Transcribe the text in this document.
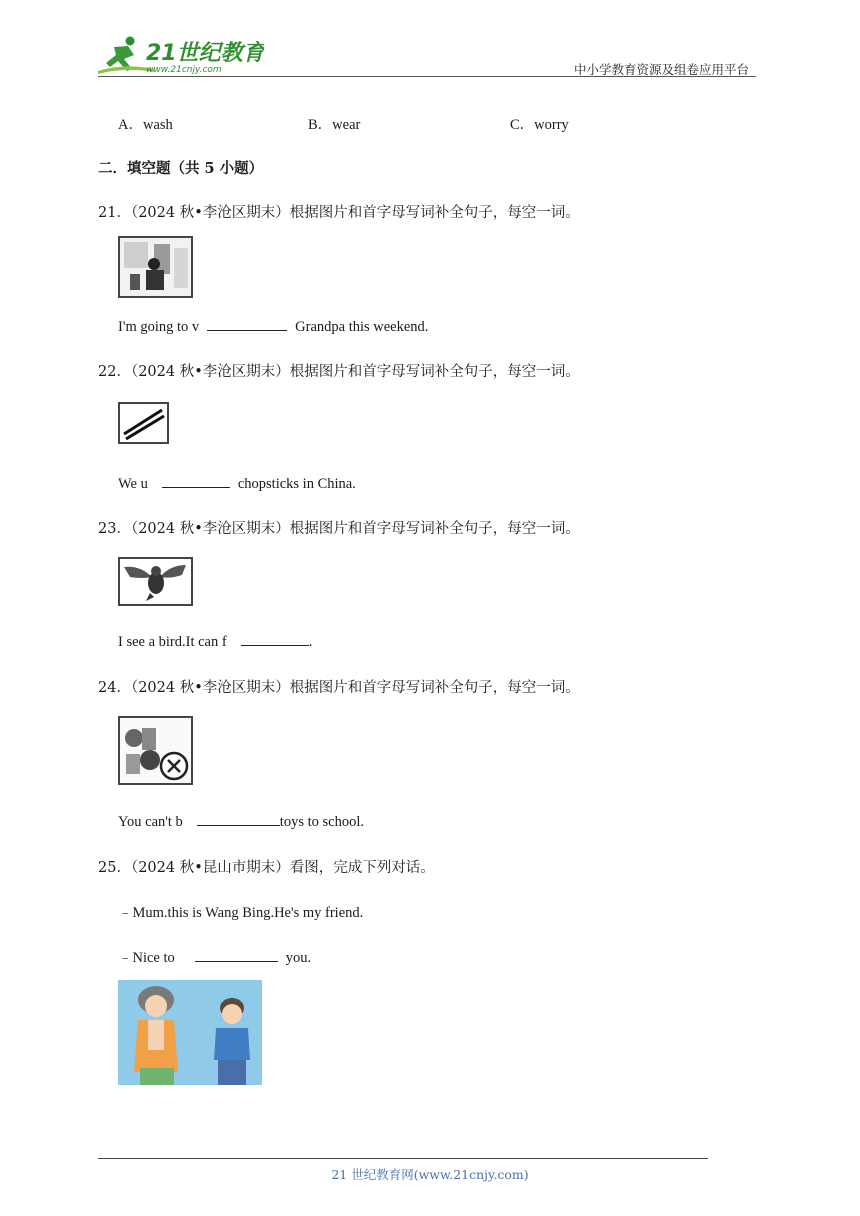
21世纪教育
www.21cnjy.com	中小学教育资源及组卷应用平台
A．wash	B．wear	C．worry
二．填空题（共 5 小题）
21．（2024 秋•李沧区期末）根据图片和首字母写词补全句子，每空一词。
I'm going to v	Grandpa this weekend.
22．（2024 秋•李沧区期末）根据图片和首字母写词补全句子，每空一词。
We u	chopsticks in China.
23．（2024 秋•李沧区期末）根据图片和首字母写词补全句子，每空一词。
I see a bird.It can f	.
24．（2024 秋•李沧区期末）根据图片和首字母写词补全句子，每空一词。
You can't b	toys to school.
25．（2024 秋•昆山市期末）看图，完成下列对话。
﹣Mum.this is Wang Bing.He's my friend.
﹣Nice to	you.
21 世纪教育网(www.21cnjy.com)
